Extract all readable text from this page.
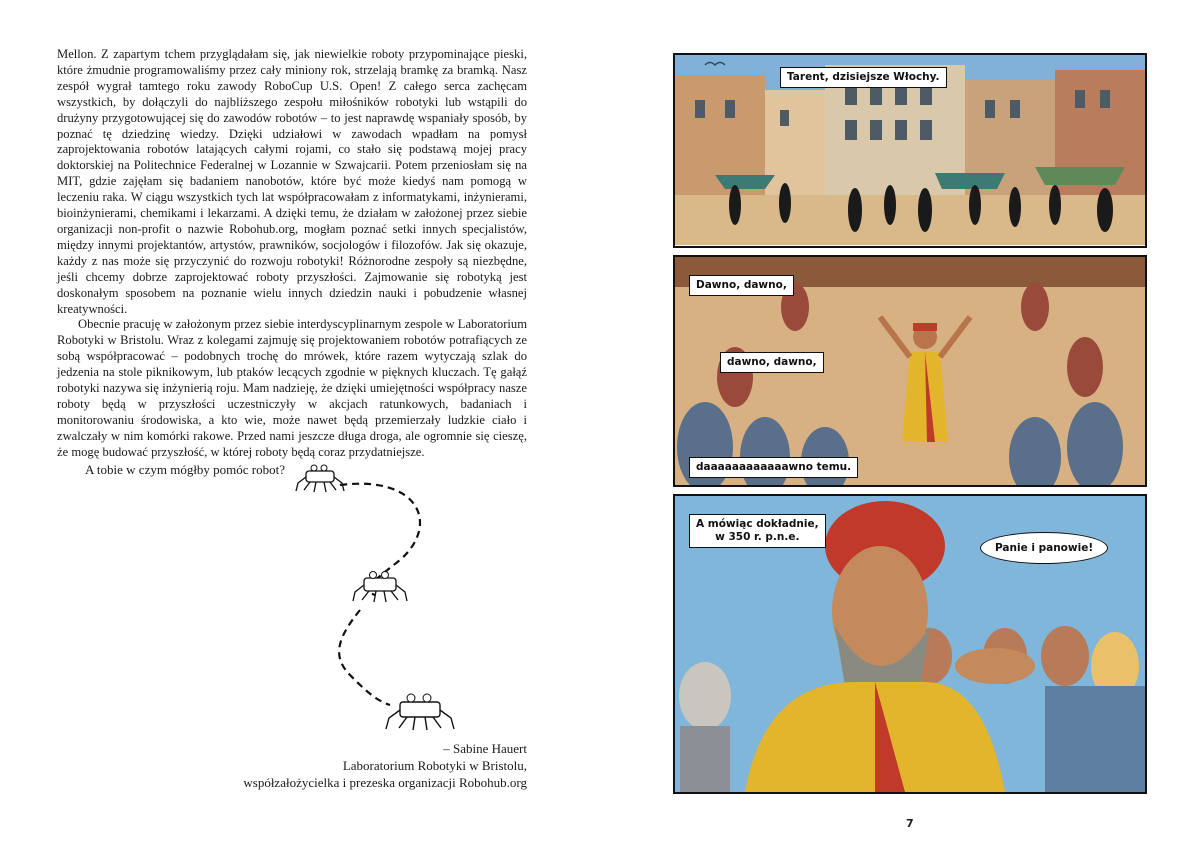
Mellon. Z zapartym tchem przyglądałam się, jak niewielkie roboty przypominające pieski, które żmudnie programowaliśmy przez cały miniony rok, strzelają bramkę za bramką. Nasz zespół wygrał tamtego roku zawody RoboCup U.S. Open! Z całego serca zachęcam wszystkich, by dołączyli do najbliższego zespołu miłośników robotyki lub wstąpili do drużyny przygotowującej się do zawodów robotów – to jest naprawdę wspaniały sposób, by poznać tę dziedzinę wiedzy. Dzięki udziałowi w zawodach wpadłam na pomysł zaprojektowania robotów latających całymi rojami, co stało się podstawą mojej pracy doktorskiej na Politechnice Federalnej w Lozannie w Szwajcarii. Potem przeniosłam się na MIT, gdzie zajęłam się badaniem nanobotów, które być może kiedyś nam pomogą w leczeniu raka. W ciągu wszystkich tych lat współpracowałam z informatykami, inżynierami, bioinżynierami, chemikami i lekarzami. A dzięki temu, że działam w założonej przez siebie organizacji non-profit o nazwie Robohub.org, mogłam poznać setki innych specjalistów, między innymi projektantów, artystów, prawników, socjologów i filozofów. Jak się okazuje, każdy z nas może się przyczynić do rozwoju robotyki! Różnorodne zespoły są niezbędne, jeśli chcemy dobrze zaprojektować roboty przyszłości. Zajmowanie się robotyką jest doskonałym sposobem na poznanie wielu innych dziedzin nauki i pobudzenie własnej kreatywności.

Obecnie pracuję w założonym przez siebie interdyscyplinarnym zespole w Laboratorium Robotyki w Bristolu. Wraz z kolegami zajmuję się projektowaniem robotów potrafiących ze sobą współpracować – podobnych trochę do mrówek, które razem wytyczają szlak do jedzenia na stole piknikowym, lub ptaków lecących zgodnie w pięknych kluczach. Tę gałąź robotyki nazywa się inżynierią roju. Mam nadzieję, że dzięki umiejętności współpracy nasze roboty będą w przyszłości uczestniczyły w akcjach ratunkowych, badaniach i monitorowaniu środowiska, a kto wie, może nawet będą przemierzały ludzkie ciało i zwalczały w nim komórki rakowe. Przed nami jeszcze długa droga, ale ogromnie się cieszę, że mogę budować przyszłość, w której roboty będą coraz przydatniejsze.

A tobie w czym mógłby pomóc robot?
– Sabine Hauert
Laboratorium Robotyki w Bristolu,
współzałożycielka i prezeska organizacji Robohub.org
Tarent, dzisiejsze Włochy.
Dawno, dawno,
dawno, dawno,
daaaaaaaaaaaawno temu.
A mówiąc dokładnie,
w 350 r. p.n.e.
Panie i panowie!
7
